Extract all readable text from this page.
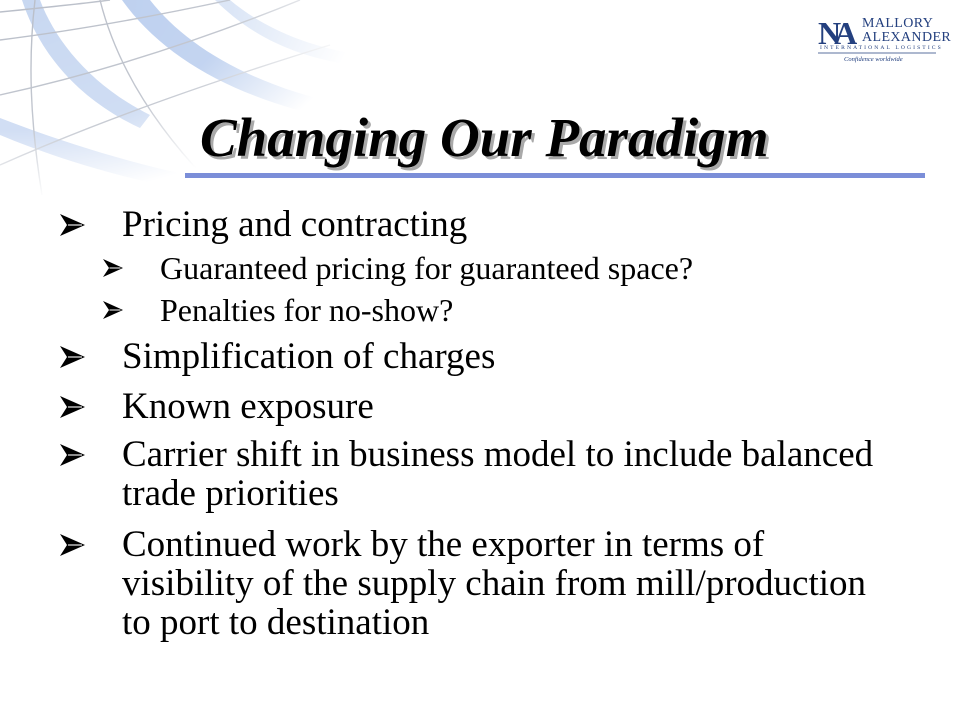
NA MALLORY
ALEXANDER
INTERNATIONAL LOGISTICS
Confidence worldwide
Changing Our Paradigm
Pricing and contracting
Guaranteed pricing for guaranteed space?
Penalties for no-show?
Simplification of charges
Known exposure
Carrier shift in business model to include balanced trade priorities
Continued work by the exporter in terms of visibility of the supply chain from mill/production to port to destination
